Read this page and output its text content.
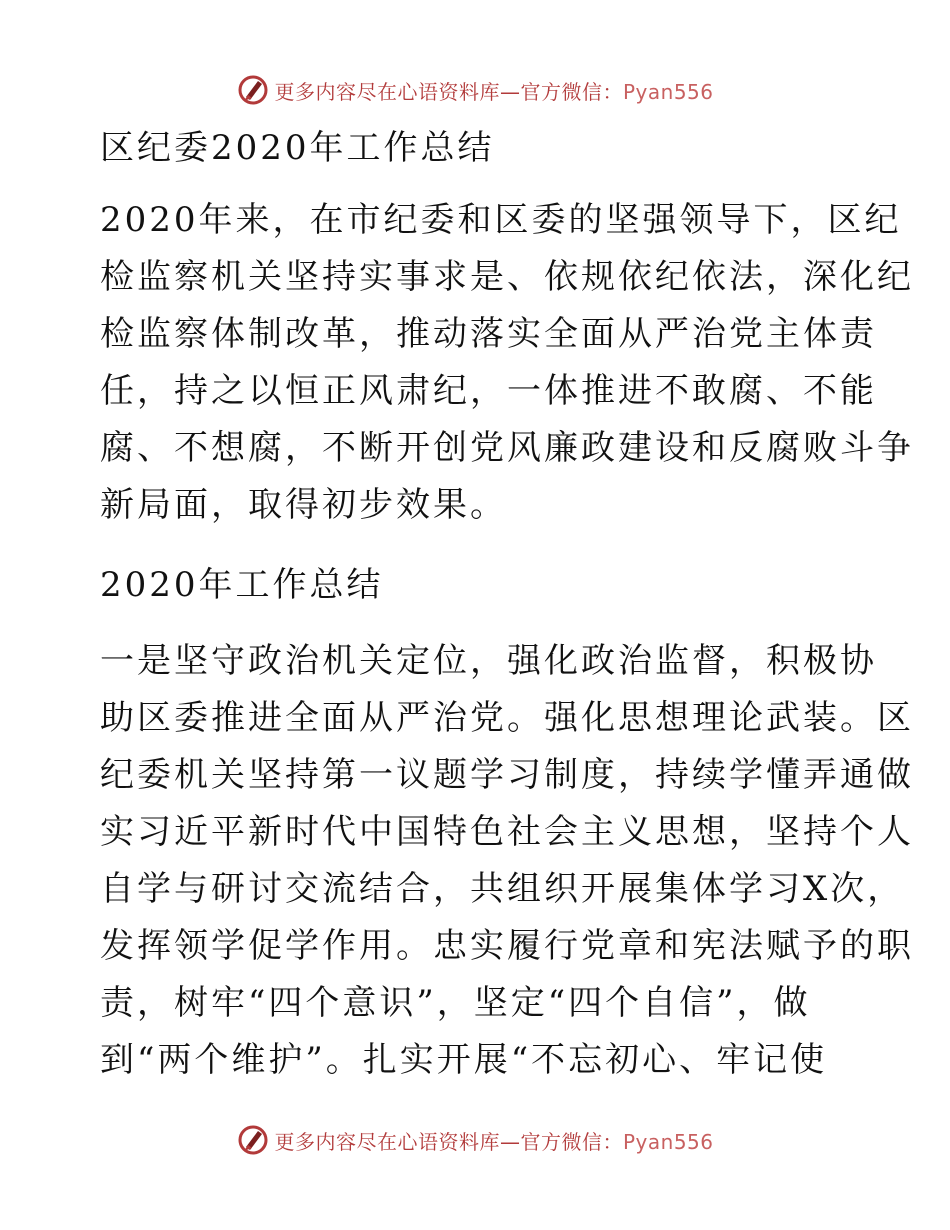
更多内容尽在心语资料库—官方微信：Pyan556

区纪委2020年工作总结

2020年来，在市纪委和区委的坚强领导下，区纪

检监察机关坚持实事求是、依规依纪依法，深化纪

检监察体制改革，推动落实全面从严治党主体责

任，持之以恒正风肃纪，一体推进不敢腐、不能

腐、不想腐，不断开创党风廉政建设和反腐败斗争

新局面，取得初步效果。

2020年工作总结

一是坚守政治机关定位，强化政治监督，积极协

助区委推进全面从严治党。强化思想理论武装。区

纪委机关坚持第一议题学习制度，持续学懂弄通做

实习近平新时代中国特色社会主义思想，坚持个人

自学与研讨交流结合，共组织开展集体学习X次，

发挥领学促学作用。忠实履行党章和宪法赋予的职

责，树牢“四个意识”，坚定“四个自信”，做

到“两个维护”。扎实开展“不忘初心、牢记使

更多内容尽在心语资料库—官方微信：Pyan556
